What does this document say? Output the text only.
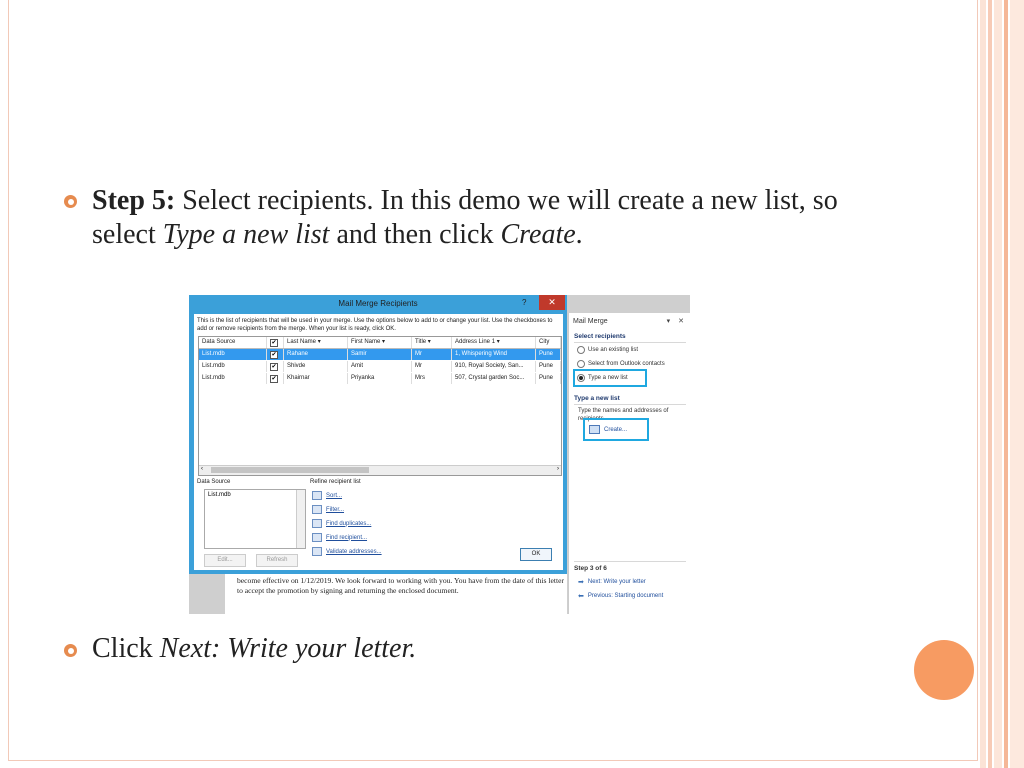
Step 5: Select recipients. In this demo we will create a new list, so select Type a new list and then click Create.
Click Next: Write your letter.
become effective on 1/12/2019. We look forward to working with you. You have from the date of this letter to accept the promotion by signing and returning the enclosed document.
Mail Merge	▾ ✕
Select recipients
Use an existing list
Select from Outlook contacts
Type a new list
Type a new list
Type the names and addresses of recipients.
Create...
Step 3 of 6
➡ Next: Write your letter
⬅ Previous: Starting document
Mail Merge Recipients	?	✕
This is the list of recipients that will be used in your merge. Use the options below to add to or change your list. Use the checkboxes to add or remove recipients from the merge. When your list is ready, click OK.
Data Source	✔	Last Name ▾	First Name ▾	Title ▾	Address Line 1 ▾	City
List.mdb	✔	Rahane	Samir	Mr	1, Whispering Wind	Pune
List.mdb	✔	Shivde	Amit	Mr	910, Royal Society, San...	Pune
List.mdb	✔	Khairnar	Priyanka	Mrs	507, Crystal garden Soc...	Pune
‹	›
Data Source
List.mdb
Edit...	Refresh
Refine recipient list
Sort...
Filter...
Find duplicates...
Find recipient...
Validate addresses...	OK
